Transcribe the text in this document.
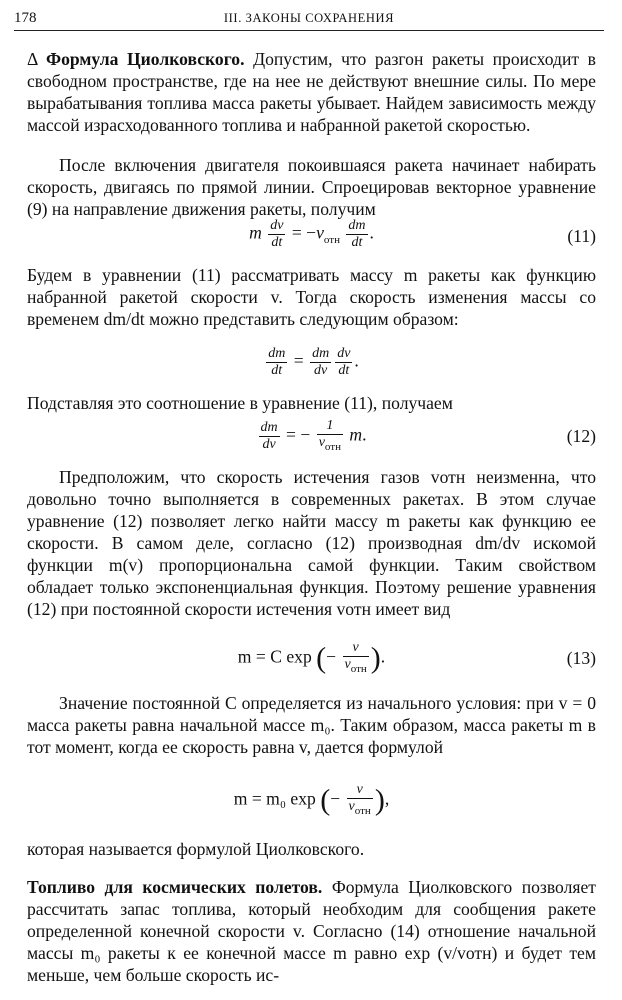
178	III. ЗАКОНЫ СОХРАНЕНИЯ

Δ Формула Циолковского. Допустим, что разгон ракеты происходит в свободном пространстве, где на нее не действуют внешние силы. По мере вырабатывания топлива масса ракеты убывает. Найдем зависимость между массой израсходованного топлива и набранной ракетой скоростью.

После включения двигателя покоившаяся ракета начинает набирать скорость, двигаясь по прямой линии. Спроецировав векторное уравнение (9) на направление движения ракеты, получим

m $\frac{dv}{dt} = -v_{отн} \frac{dm}{dt}$ .	(11)

Будем в уравнении (11) рассматривать массу m ракеты как функцию набранной ракетой скорости v. Тогда скорость изменения массы со временем dm/dt можно представить следующим образом:

$\frac{dm}{dt} = \frac{dm}{dv} \frac{dv}{dt}$ .

Подставляя это соотношение в уравнение (11), получаем

$\frac{dm}{dv}$ = − $\frac{1}{v_{отн}} m$.	(12)

Предположим, что скорость истечения газов vотн неизменна, что довольно точно выполняется в современных ракетах. В этом случае уравнение (12) позволяет легко найти массу m ракеты как функцию ее скорости. В самом деле, согласно (12) производная dm/dv искомой функции m(v) пропорциональна самой функции. Таким свойством обладает только экспоненциальная функция. Поэтому решение уравнения (12) при постоянной скорости истечения vотн имеет вид

m = C exp (− $\frac{v}{v_{отн}}$ ).	(13)

Значение постоянной C определяется из начального условия: при v = 0 масса ракеты равна начальной массе m₀. Таким образом, масса ракеты m в тот момент, когда ее скорость равна v, дается формулой

m = m₀ exp (− $\frac{v}{v_{отн}}$ ),

которая называется формулой Циолковского.

Топливо для космических полетов. Формула Циолковского позволяет рассчитать запас топлива, который необходим для сообщения ракете определенной конечной скорости v. Согласно (14) отношение начальной массы m₀ ракеты к ее конечной массе m равно exp (v/vотн) и будет тем меньше, чем больше скорость ис-
